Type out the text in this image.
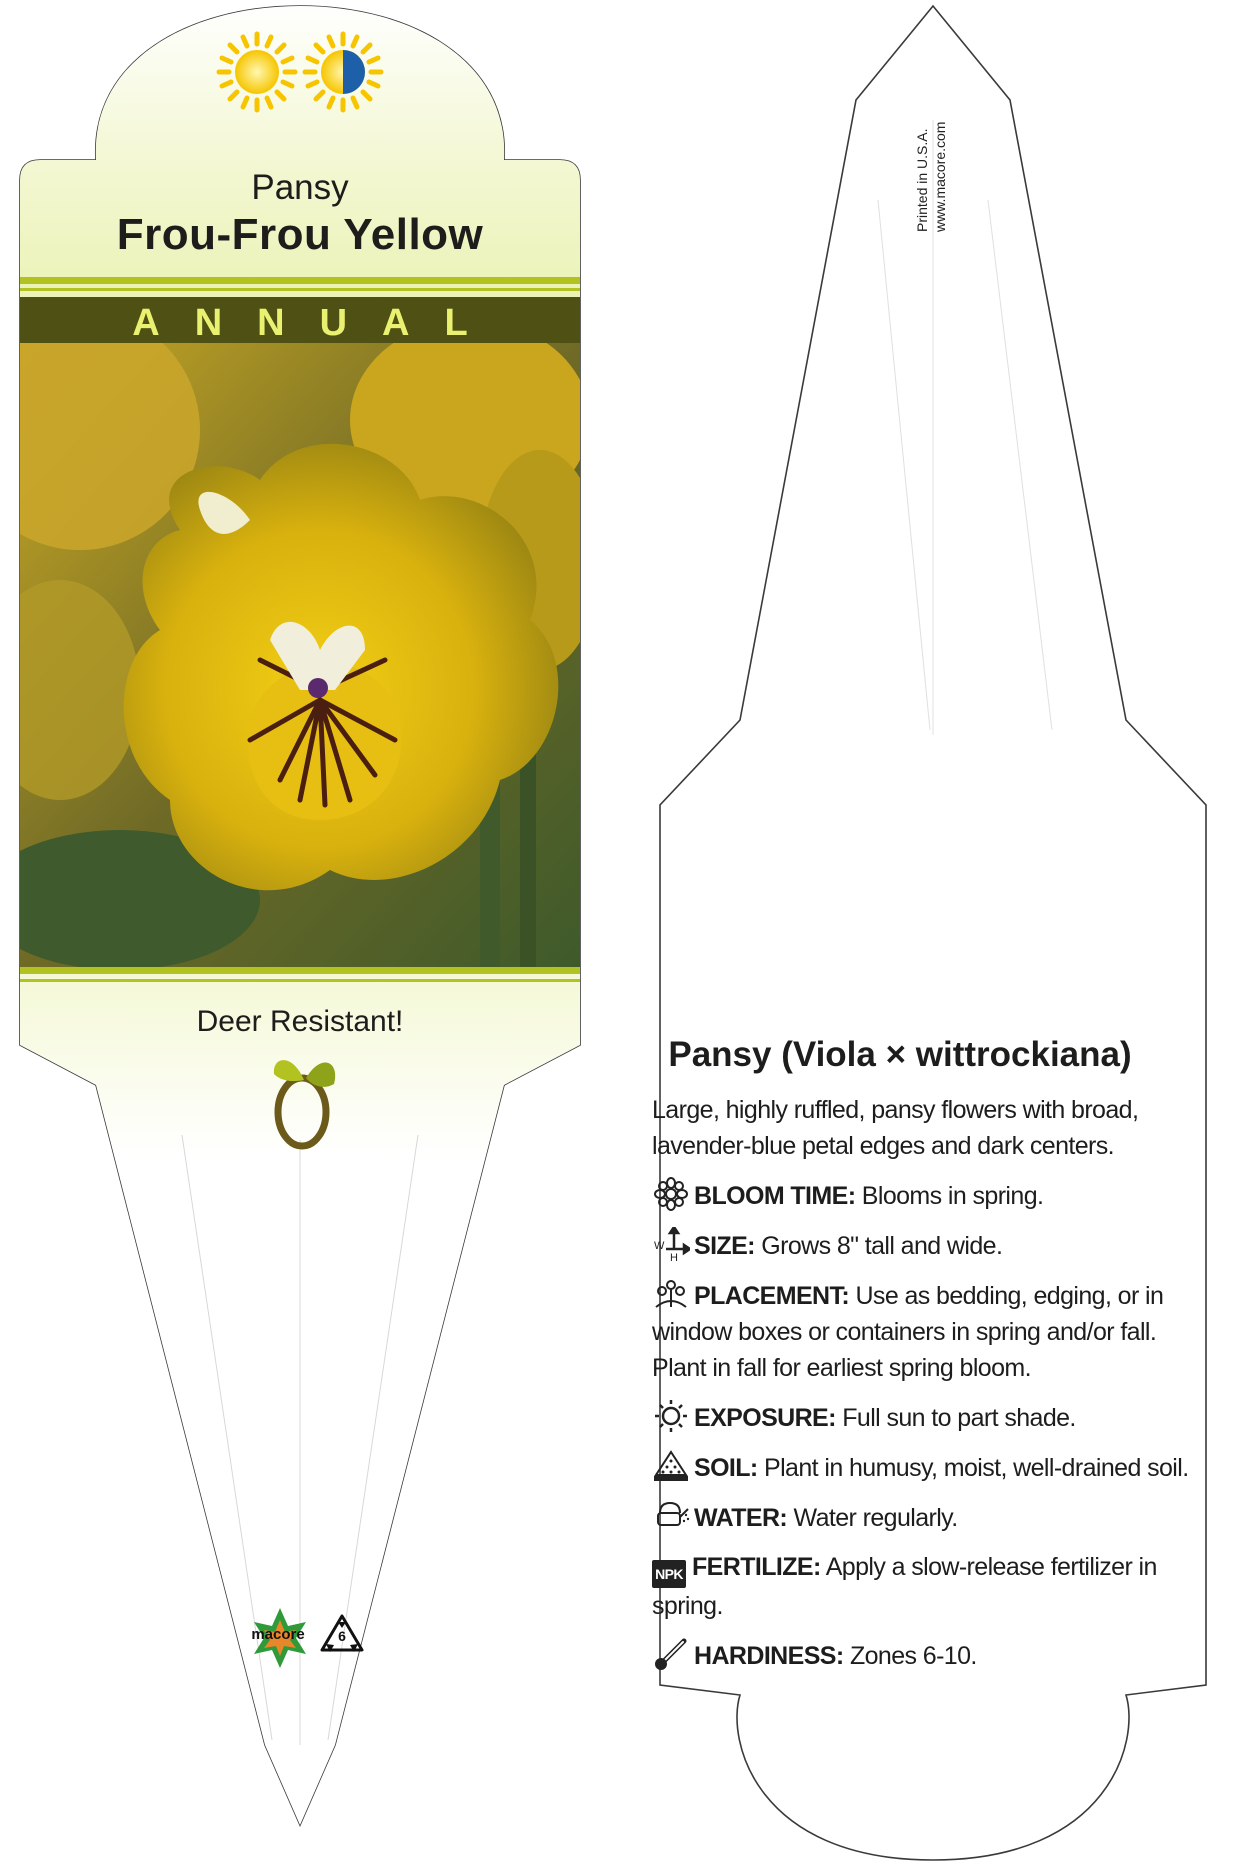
Pansy
Frou-Frou Yellow
ANNUAL
Deer Resistant!
macore	6
Printed in U.S.A. www.macore.com
Pansy (Viola × wittrockiana)

Large, highly ruffled, pansy flowers with broad, lavender-blue petal edges and dark centers.

BLOOM TIME: Blooms in spring.

W
H SIZE: Grows 8" tall and wide.

PLACEMENT: Use as bedding, edging, or in window boxes or containers in spring and/or fall. Plant in fall for earliest spring bloom.

EXPOSURE: Full sun to part shade.

SOIL: Plant in humusy, moist, well-drained soil.

WATER: Water regularly.

NPK FERTILIZE: Apply a slow-release fertilizer in spring.

HARDINESS: Zones 6-10.
